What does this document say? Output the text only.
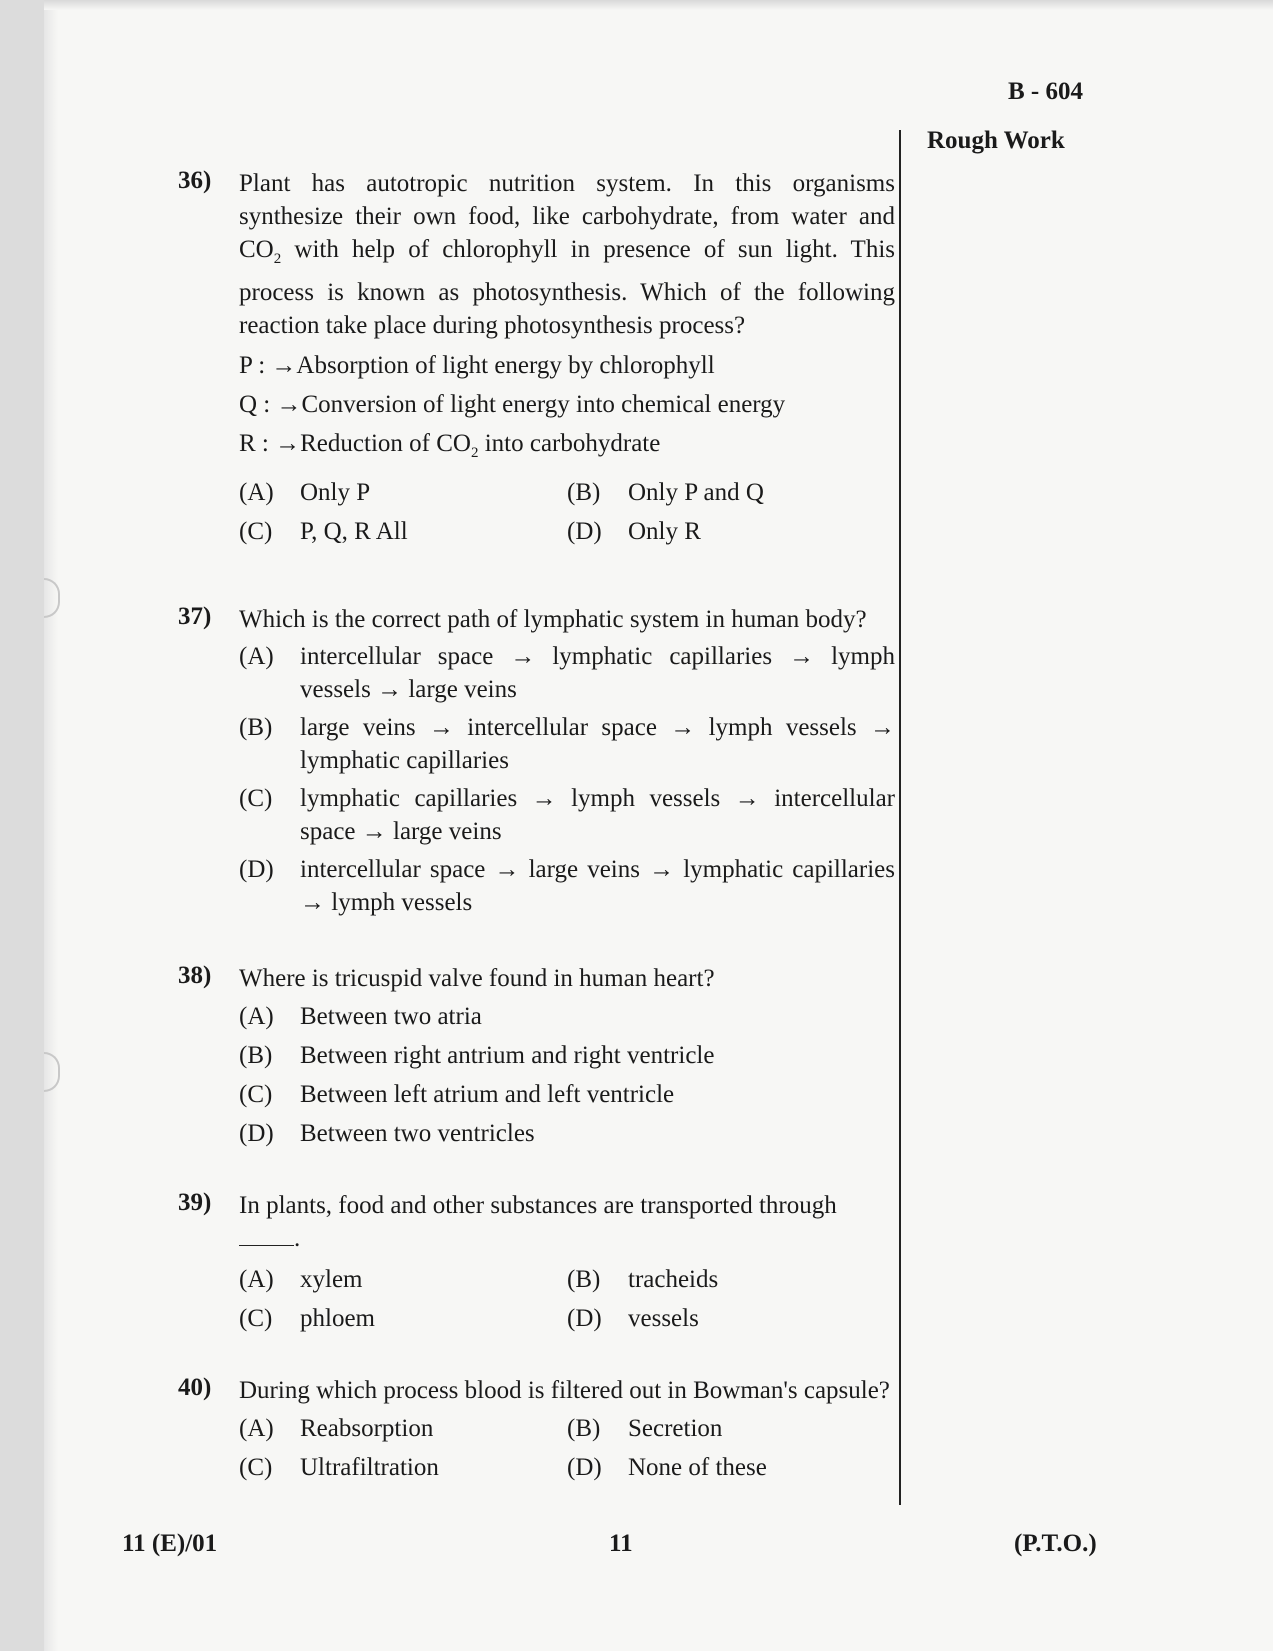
B - 604
Rough Work
36) Plant has autotropic nutrition system. In this organisms synthesize their own food, like carbohydrate, from water and $CO_2$ with help of chlorophyll in presence of sun light. This process is known as photosynthesis. Which of the following reaction take place during photosynthesis process?
P : →Absorption of light energy by chlorophyll
Q : →Conversion of light energy into chemical energy
R : →Reduction of $CO_2$ into carbohydrate
(A)	Only P	(B)	Only P and Q
(C)	P, Q, R All	(D)	Only R
37) Which is the correct path of lymphatic system in human body?
(A)	intercellular space → lymphatic capillaries → lymph vessels → large veins
(B)	large veins → intercellular space → lymph vessels → lymphatic capillaries
(C)	lymphatic capillaries → lymph vessels → intercellular space → large veins
(D)	intercellular space → large veins → lymphatic capillaries → lymph vessels
38) Where is tricuspid valve found in human heart?
(A)	Between two atria
(B)	Between right antrium and right ventricle
(C)	Between left atrium and left ventricle
(D)	Between two ventricles
39) In plants, food and other substances are transported through
.
(A)	xylem	(B)	tracheids
(C)	phloem	(D)	vessels
40) During which process blood is filtered out in Bowman's capsule?
(A)	Reabsorption	(B)	Secretion
(C)	Ultrafiltration	(D)	None of these
11 (E)/01	11	(P.T.O.)
